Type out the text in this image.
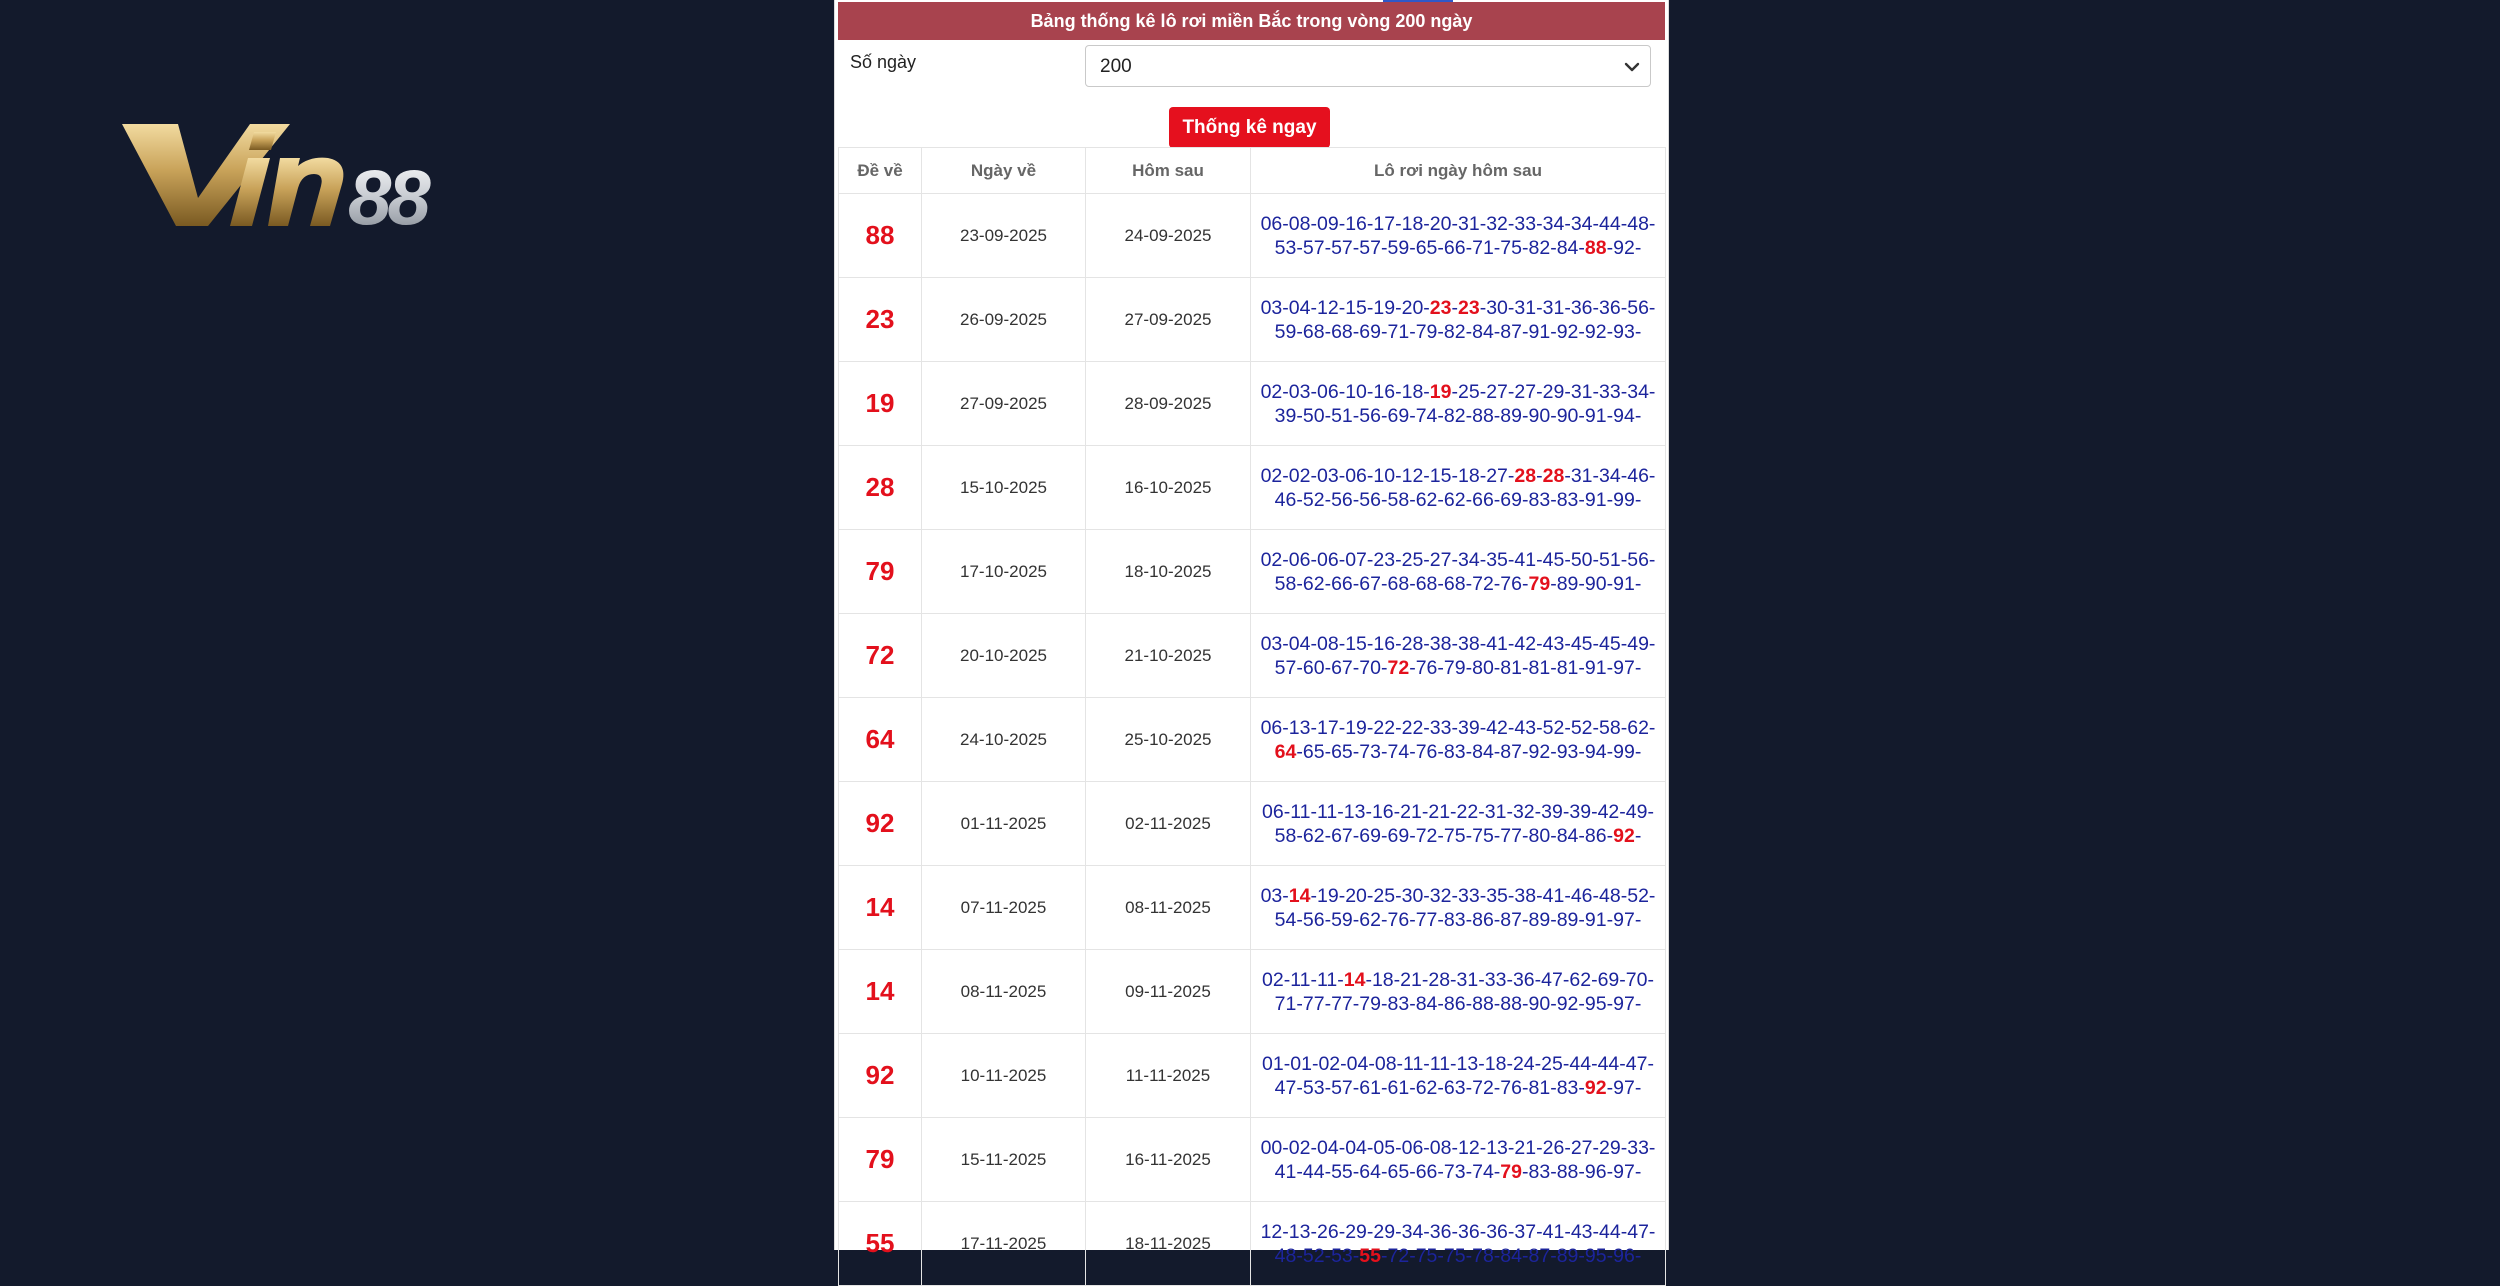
88
Bảng thống kê lô rơi miền Bắc trong vòng 200 ngày
Số ngày	200
Thống kê ngay
Đề về	Ngày về	Hôm sau	Lô rơi ngày hôm sau
88	23-09-2025	24-09-2025	06-08-09-16-17-18-20-31-32-33-34-34-44-48-53-57-57-57-59-65-66-71-75-82-84-88-92-
23	26-09-2025	27-09-2025	03-04-12-15-19-20-23-23-30-31-31-36-36-56-59-68-68-69-71-79-82-84-87-91-92-92-93-
19	27-09-2025	28-09-2025	02-03-06-10-16-18-19-25-27-27-29-31-33-34-39-50-51-56-69-74-82-88-89-90-90-91-94-
28	15-10-2025	16-10-2025	02-02-03-06-10-12-15-18-27-28-28-31-34-46-46-52-56-56-58-62-62-66-69-83-83-91-99-
79	17-10-2025	18-10-2025	02-06-06-07-23-25-27-34-35-41-45-50-51-56-58-62-66-67-68-68-68-72-76-79-89-90-91-
72	20-10-2025	21-10-2025	03-04-08-15-16-28-38-38-41-42-43-45-45-49-57-60-67-70-72-76-79-80-81-81-81-91-97-
64	24-10-2025	25-10-2025	06-13-17-19-22-22-33-39-42-43-52-52-58-62-64-65-65-73-74-76-83-84-87-92-93-94-99-
92	01-11-2025	02-11-2025	06-11-11-13-16-21-21-22-31-32-39-39-42-49-58-62-67-69-69-72-75-75-77-80-84-86-92-
14	07-11-2025	08-11-2025	03-14-19-20-25-30-32-33-35-38-41-46-48-52-54-56-59-62-76-77-83-86-87-89-89-91-97-
14	08-11-2025	09-11-2025	02-11-11-14-18-21-28-31-33-36-47-62-69-70-71-77-77-79-83-84-86-88-88-90-92-95-97-
92	10-11-2025	11-11-2025	01-01-02-04-08-11-11-13-18-24-25-44-44-47-47-53-57-61-61-62-63-72-76-81-83-92-97-
79	15-11-2025	16-11-2025	00-02-04-04-05-06-08-12-13-21-26-27-29-33-41-44-55-64-65-66-73-74-79-83-88-96-97-
55	17-11-2025	18-11-2025	12-13-26-29-29-34-36-36-36-37-41-43-44-47-48-52-53-55-72-75-75-78-84-87-89-95-96-
